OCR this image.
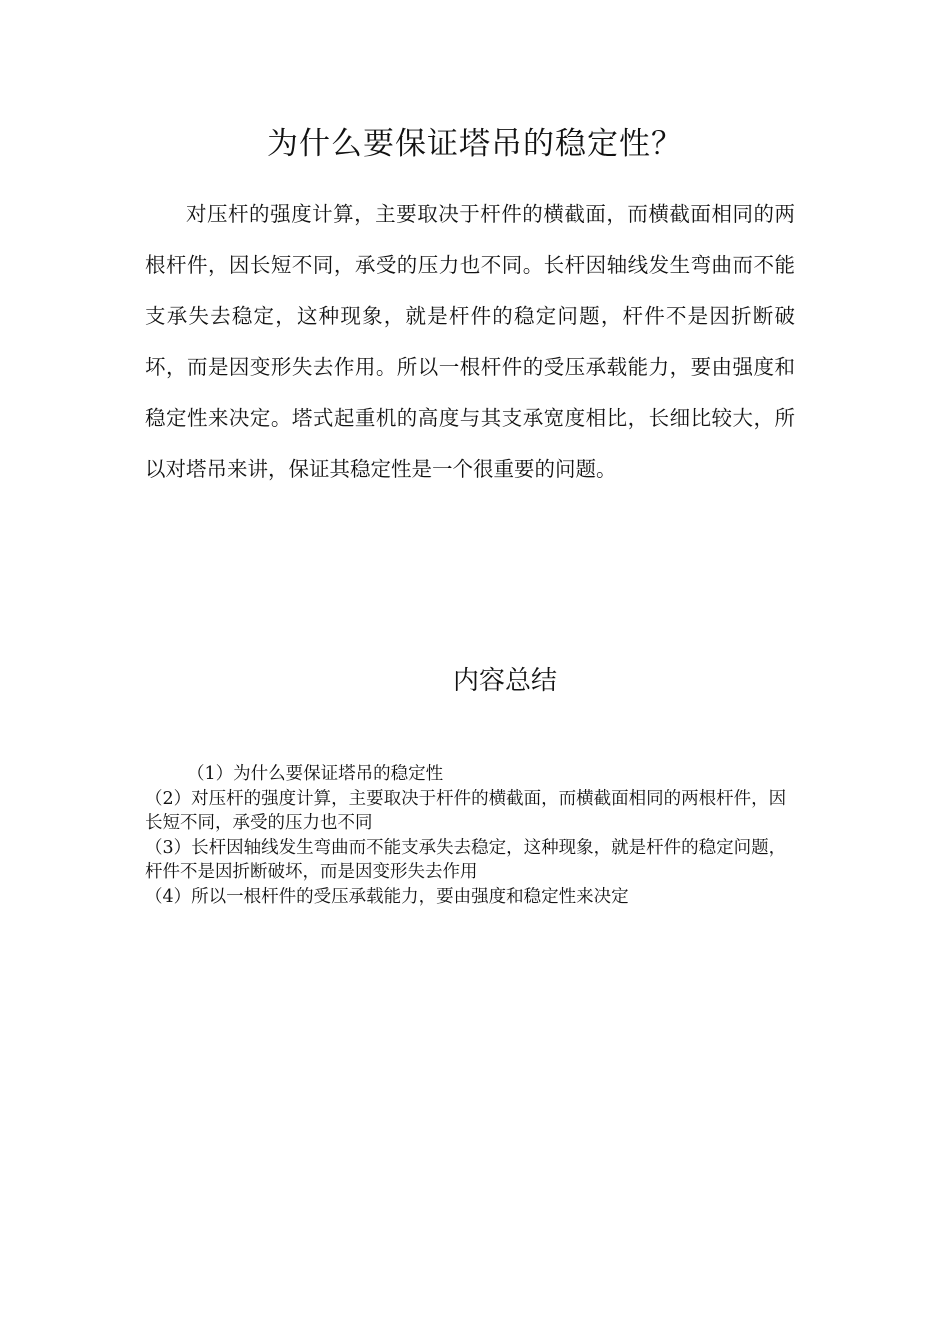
为什么要保证塔吊的稳定性？

对压杆的强度计算，主要取决于杆件的横截面，而横截面相同的两根杆件，因长短不同，承受的压力也不同。长杆因轴线发生弯曲而不能支承失去稳定，这种现象，就是杆件的稳定问题，杆件不是因折断破坏，而是因变形失去作用。所以一根杆件的受压承载能力，要由强度和稳定性来决定。塔式起重机的高度与其支承宽度相比，长细比较大，所以对塔吊来讲，保证其稳定性是一个很重要的问题。

内容总结
（1）为什么要保证塔吊的稳定性
（2）对压杆的强度计算，主要取决于杆件的横截面，而横截面相同的两根杆件，因长短不同，承受的压力也不同
（3）长杆因轴线发生弯曲而不能支承失去稳定，这种现象，就是杆件的稳定问题，杆件不是因折断破坏，而是因变形失去作用
（4）所以一根杆件的受压承载能力，要由强度和稳定性来决定
